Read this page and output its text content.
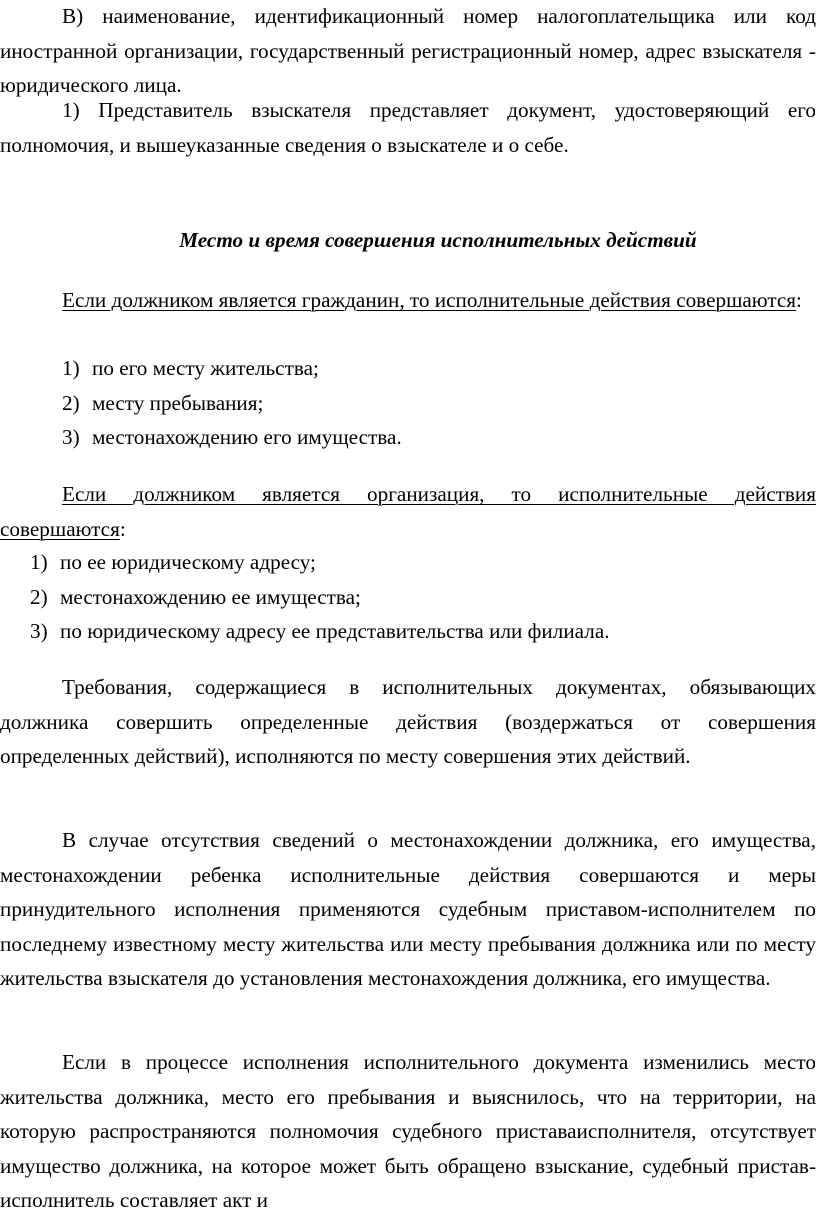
В) наименование, идентификационный номер налогоплательщика или код иностранной организации, государственный регистрационный номер, адрес взыскателя - юридического лица.

1) Представитель взыскателя представляет документ, удостоверяющий его полномочия, и вышеуказанные сведения о взыскателе и о себе.

Место и время совершения исполнительных действий

Если должником является гражданин, то исполнительные действия совершаются:

1) по его месту жительства;
2) месту пребывания;
3) местонахождению его имущества.

Если должником является организация, то исполнительные действия совершаются:

1) по ее юридическому адресу;
2) местонахождению ее имущества;
3) по юридическому адресу ее представительства или филиала.

Требования, содержащиеся в исполнительных документах, обязывающих должника совершить определенные действия (воздержаться от совершения определенных действий), исполняются по месту совершения этих действий.

В случае отсутствия сведений о местонахождении должника, его имущества, местонахождении ребенка исполнительные действия совершаются и меры принудительного исполнения применяются судебным приставом-исполнителем по последнему известному месту жительства или месту пребывания должника или по месту жительства взыскателя до установления местонахождения должника, его имущества.

Если в процессе исполнения исполнительного документа изменились место жительства должника, место его пребывания и выяснилось, что на территории, на которую распространяются полномочия судебного приставаисполнителя, отсутствует имущество должника, на которое может быть обращено взыскание, судебный пристав-исполнитель составляет акт и
